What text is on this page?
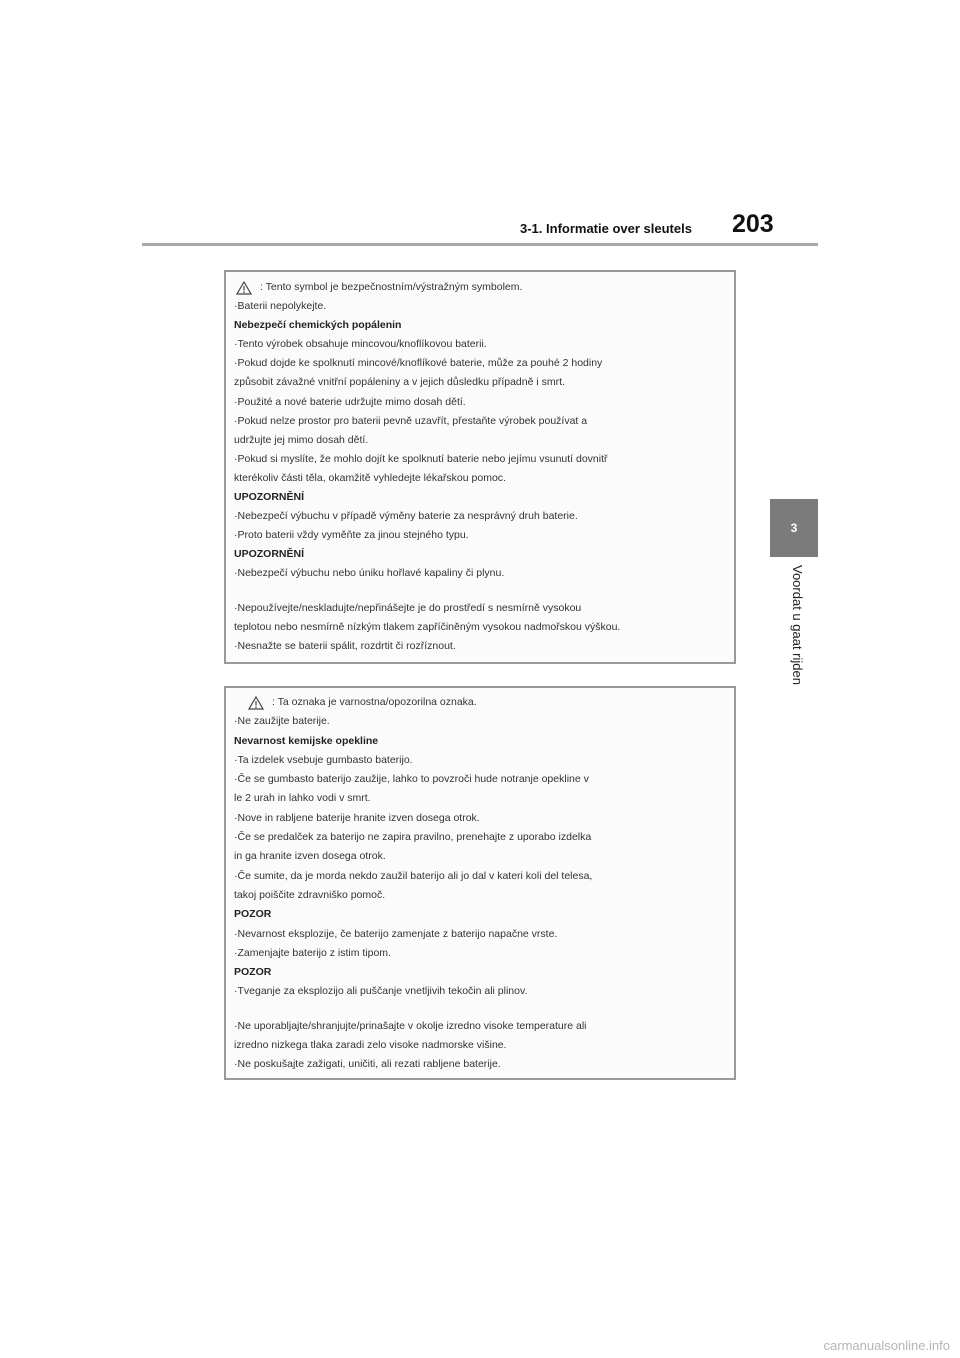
3-1. Informatie over sleutels 203
3
Voordat u gaat rijden
: Tento symbol je bezpečnostním/výstražným symbolem.
·Baterii nepolykejte.
Nebezpečí chemických popálenin
·Tento výrobek obsahuje mincovou/knoflíkovou baterii.
·Pokud dojde ke spolknutí mincové/knoflíkové baterie, může za pouhé 2 hodiny
způsobit závažné vnitřní popáleniny a v jejich důsledku případně i smrt.
·Použité a nové baterie udržujte mimo dosah dětí.
·Pokud nelze prostor pro baterii pevně uzavřít, přestaňte výrobek používat a
udržujte jej mimo dosah dětí.
·Pokud si myslíte, že mohlo dojít ke spolknutí baterie nebo jejímu vsunutí dovnitř
kterékoliv části těla, okamžitě vyhledejte lékařskou pomoc.
UPOZORNĚNÍ
·Nebezpečí výbuchu v případě výměny baterie za nesprávný druh baterie.
·Proto baterii vždy vyměňte za jinou stejného typu.
UPOZORNĚNÍ
·Nebezpečí výbuchu nebo úniku hořlavé kapaliny či plynu.
·Nepoužívejte/neskladujte/nepřinášejte je do prostředí s nesmírně vysokou
teplotou nebo nesmírně nízkým tlakem zapříčiněným vysokou nadmořskou výškou.
·Nesnažte se baterii spálit, rozdrtit či rozříznout.
: Ta oznaka je varnostna/opozorilna oznaka.
·Ne zaužijte baterije.
Nevarnost kemijske opekline
·Ta izdelek vsebuje gumbasto baterijo.
·Če se gumbasto baterijo zaužije, lahko to povzroči hude notranje opekline v
le 2 urah in lahko vodi v smrt.
·Nove in rabljene baterije hranite izven dosega otrok.
·Če se predalček za baterijo ne zapira pravilno, prenehajte z uporabo izdelka
in ga hranite izven dosega otrok.
·Če sumite, da je morda nekdo zaužil baterijo ali jo dal v kateri koli del telesa,
takoj poiščite zdravniško pomoč.
POZOR
·Nevarnost eksplozije, če baterijo zamenjate z baterijo napačne vrste.
·Zamenjajte baterijo z istim tipom.
POZOR
·Tveganje za eksplozijo ali puščanje vnetljivih tekočin ali plinov.
·Ne uporabljajte/shranjujte/prinašajte v okolje izredno visoke temperature ali
izredno nizkega tlaka zaradi zelo visoke nadmorske višine.
·Ne poskušajte zažigati, uničiti, ali rezati rabljene baterije.
carmanualsonline.info
